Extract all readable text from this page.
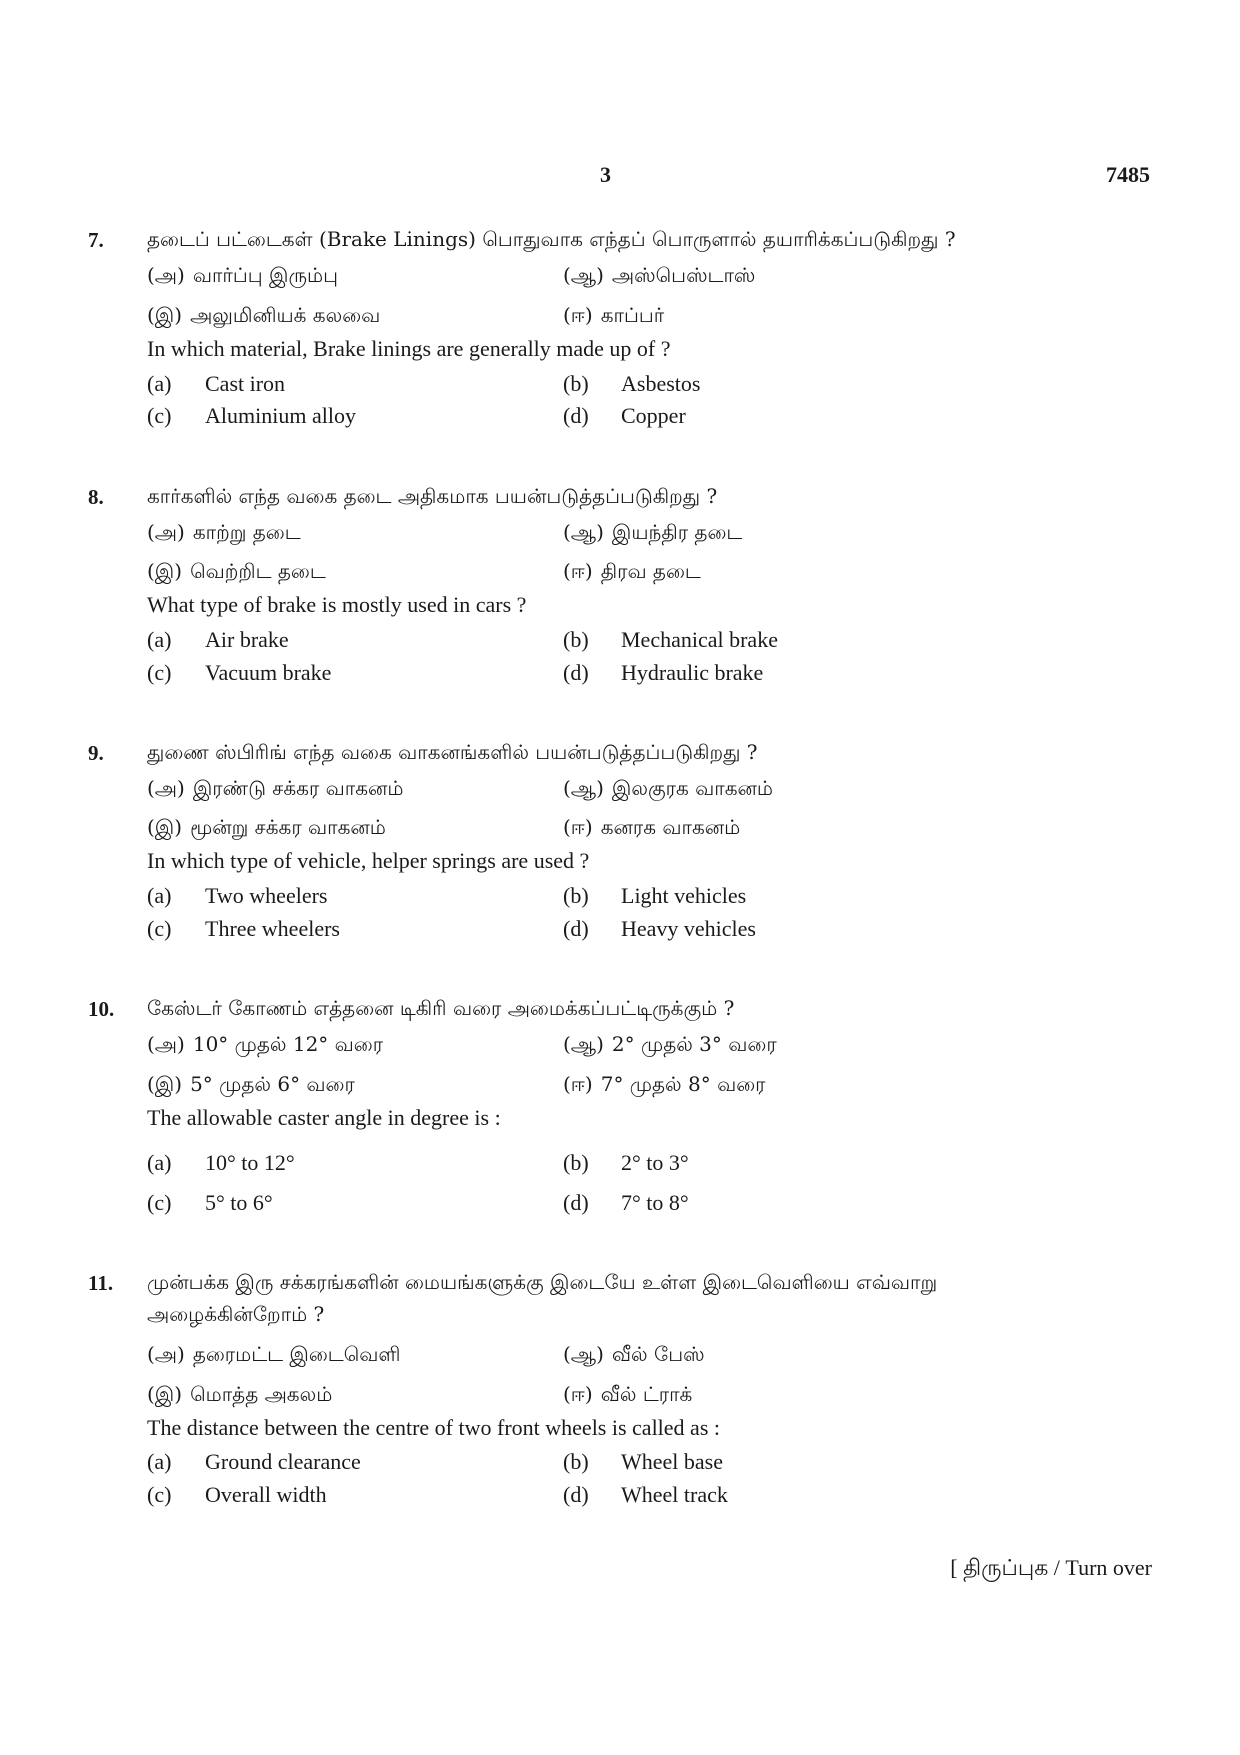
3	7485
7. தடைப் பட்டைகள் (Brake Linings) பொதுவாக எந்தப் பொருளால் தயாரிக்கப்படுகிறது ?
(அ) வார்ப்பு இரும்பு	(ஆ) அஸ்பெஸ்டாஸ்
(இ) அலுமினியக் கலவை	(ஈ) காப்பர்
In which material, Brake linings are generally made up of ?
(a) Cast iron	(b) Asbestos
(c) Aluminium alloy	(d) Copper
8. கார்களில் எந்த வகை தடை அதிகமாக பயன்படுத்தப்படுகிறது ?
(அ) காற்று தடை	(ஆ) இயந்திர தடை
(இ) வெற்றிட தடை	(ஈ) திரவ தடை
What type of brake is mostly used in cars ?
(a) Air brake	(b) Mechanical brake
(c) Vacuum brake	(d) Hydraulic brake
9. துணை ஸ்பிரிங் எந்த வகை வாகனங்களில் பயன்படுத்தப்படுகிறது ?
(அ) இரண்டு சக்கர வாகனம்	(ஆ) இலகுரக வாகனம்
(இ) மூன்று சக்கர வாகனம்	(ஈ) கனரக வாகனம்
In which type of vehicle, helper springs are used ?
(a) Two wheelers	(b) Light vehicles
(c) Three wheelers	(d) Heavy vehicles
10. கேஸ்டர் கோணம் எத்தனை டிகிரி வரை அமைக்கப்பட்டிருக்கும் ?
(அ) 10° முதல் 12° வரை	(ஆ) 2° முதல் 3° வரை
(இ) 5° முதல் 6° வரை	(ஈ) 7° முதல் 8° வரை
The allowable caster angle in degree is :
(a) 10° to 12°	(b) 2° to 3°
(c) 5° to 6°	(d) 7° to 8°
11. முன்பக்க இரு சக்கரங்களின் மையங்களுக்கு இடையே உள்ள இடைவெளியை எவ்வாறு
அழைக்கின்றோம் ?
(அ) தரைமட்ட இடைவெளி	(ஆ) வீல் பேஸ்
(இ) மொத்த அகலம்	(ஈ) வீல் ட்ராக்
The distance between the centre of two front wheels is called as :
(a) Ground clearance	(b) Wheel base
(c) Overall width	(d) Wheel track
[ திருப்புக / Turn over
